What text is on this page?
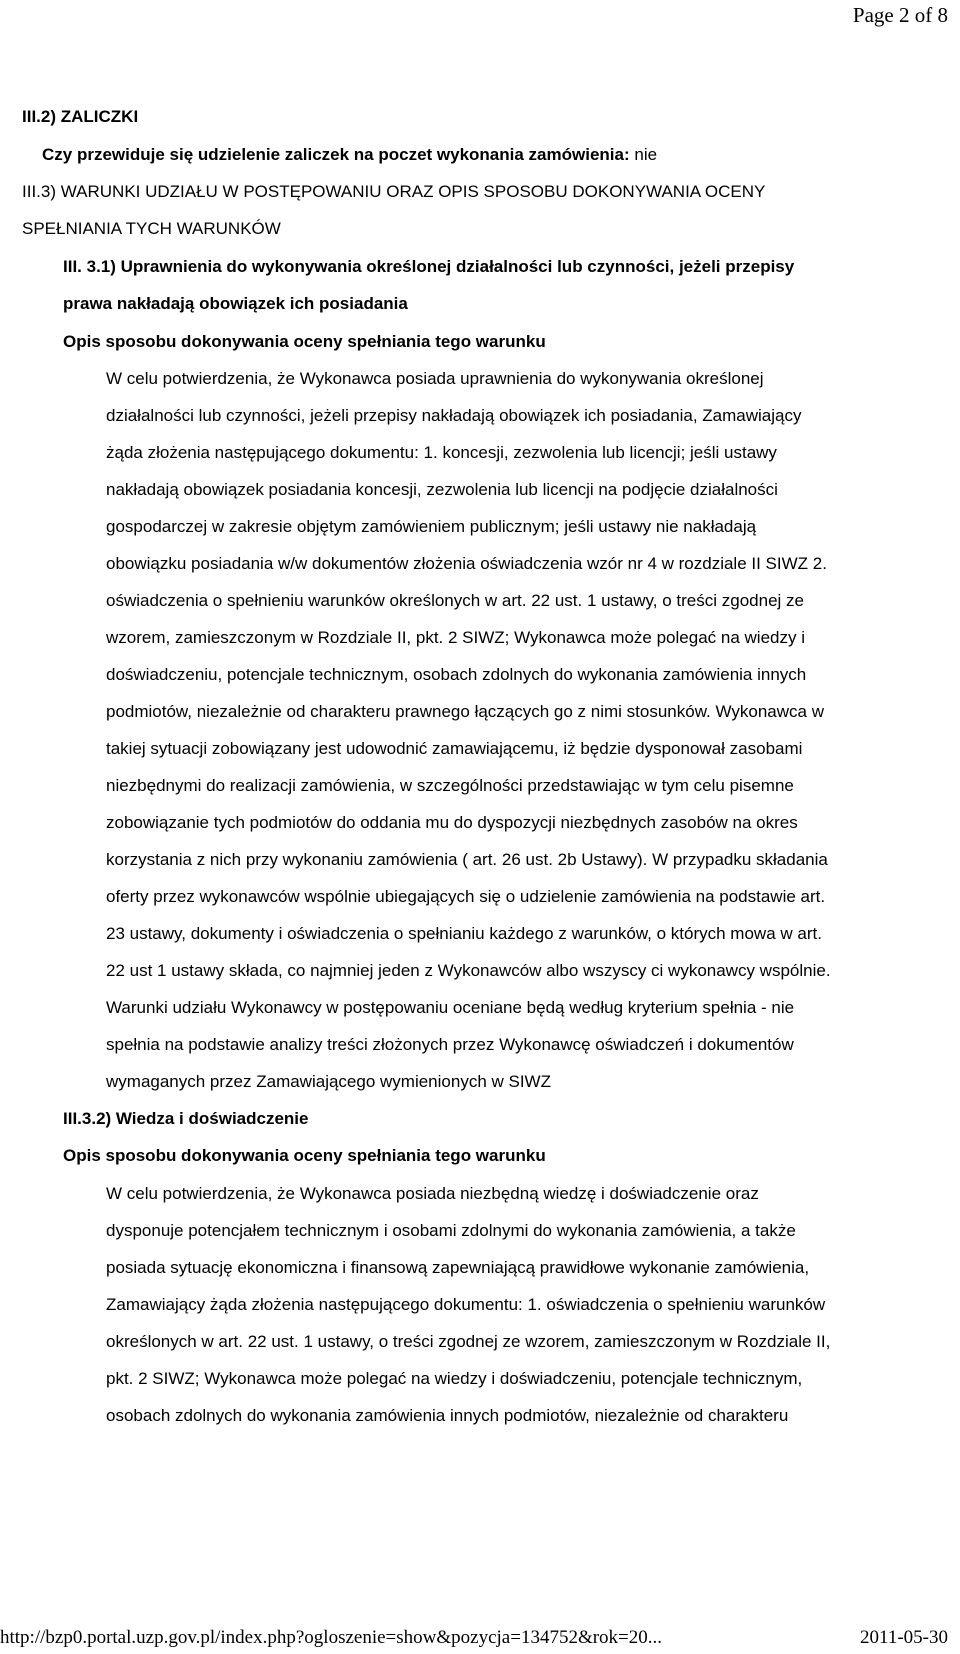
Page 2 of 8
III.2) ZALICZKI
Czy przewiduje się udzielenie zaliczek na poczet wykonania zamówienia: nie
III.3) WARUNKI UDZIAŁU W POSTĘPOWANIU ORAZ OPIS SPOSOBU DOKONYWANIA OCENY
SPEŁNIANIA TYCH WARUNKÓW
III. 3.1) Uprawnienia do wykonywania określonej działalności lub czynności, jeżeli przepisy
prawa nakładają obowiązek ich posiadania
Opis sposobu dokonywania oceny spełniania tego warunku
W celu potwierdzenia, że Wykonawca posiada uprawnienia do wykonywania określonej
działalności lub czynności, jeżeli przepisy nakładają obowiązek ich posiadania, Zamawiający
żąda złożenia następującego dokumentu: 1. koncesji, zezwolenia lub licencji; jeśli ustawy
nakładają obowiązek posiadania koncesji, zezwolenia lub licencji na podjęcie działalności
gospodarczej w zakresie objętym zamówieniem publicznym; jeśli ustawy nie nakładają
obowiązku posiadania w/w dokumentów złożenia oświadczenia wzór nr 4 w rozdziale II SIWZ 2.
oświadczenia o spełnieniu warunków określonych w art. 22 ust. 1 ustawy, o treści zgodnej ze
wzorem, zamieszczonym w Rozdziale II, pkt. 2 SIWZ; Wykonawca może polegać na wiedzy i
doświadczeniu, potencjale technicznym, osobach zdolnych do wykonania zamówienia innych
podmiotów, niezależnie od charakteru prawnego łączących go z nimi stosunków. Wykonawca w
takiej sytuacji zobowiązany jest udowodnić zamawiającemu, iż będzie dysponował zasobami
niezbędnymi do realizacji zamówienia, w szczególności przedstawiając w tym celu pisemne
zobowiązanie tych podmiotów do oddania mu do dyspozycji niezbędnych zasobów na okres
korzystania z nich przy wykonaniu zamówienia ( art. 26 ust. 2b Ustawy). W przypadku składania
oferty przez wykonawców wspólnie ubiegających się o udzielenie zamówienia na podstawie art.
23 ustawy, dokumenty i oświadczenia o spełnianiu każdego z warunków, o których mowa w art.
22 ust 1 ustawy składa, co najmniej jeden z Wykonawców albo wszyscy ci wykonawcy wspólnie.
Warunki udziału Wykonawcy w postępowaniu oceniane będą według kryterium spełnia - nie
spełnia na podstawie analizy treści złożonych przez Wykonawcę oświadczeń i dokumentów
wymaganych przez Zamawiającego wymienionych w SIWZ
III.3.2) Wiedza i doświadczenie
Opis sposobu dokonywania oceny spełniania tego warunku
W celu potwierdzenia, że Wykonawca posiada niezbędną wiedzę i doświadczenie oraz
dysponuje potencjałem technicznym i osobami zdolnymi do wykonania zamówienia, a także
posiada sytuację ekonomiczna i finansową zapewniającą prawidłowe wykonanie zamówienia,
Zamawiający żąda złożenia następującego dokumentu: 1. oświadczenia o spełnieniu warunków
określonych w art. 22 ust. 1 ustawy, o treści zgodnej ze wzorem, zamieszczonym w Rozdziale II,
pkt. 2 SIWZ; Wykonawca może polegać na wiedzy i doświadczeniu, potencjale technicznym,
osobach zdolnych do wykonania zamówienia innych podmiotów, niezależnie od charakteru
http://bzp0.portal.uzp.gov.pl/index.php?ogloszenie=show&pozycja=134752&rok=20...	2011-05-30
